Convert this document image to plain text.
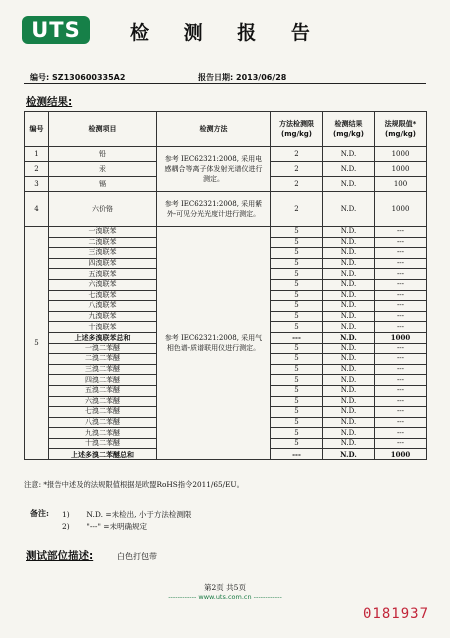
UTS	检 测 报 告
编号: SZ130600335A2	报告日期: 2013/06/28
检测结果:
编号	检测项目	检测方法	方法检测限 (mg/kg)	检测结果 (mg/kg)	法规限值* (mg/kg)
1	铅	参考 IEC62321:2008, 采用电感耦合等离子体发射光谱仪进行测定。	2	N.D.	1000
2	汞		2	N.D.	1000
3	镉		2	N.D.	100
4	六价铬	参考 IEC62321:2008, 采用紫外-可见分光光度计进行测定。	2	N.D.	1000
5	一溴联苯	参考 IEC62321:2008, 采用气相色谱-质谱联用仪进行测定。	5	N.D.	---
	二溴联苯		5	N.D.	---
	三溴联苯		5	N.D.	---
	四溴联苯		5	N.D.	---
	五溴联苯		5	N.D.	---
	六溴联苯		5	N.D.	---
	七溴联苯		5	N.D.	---
	八溴联苯		5	N.D.	---
	九溴联苯		5	N.D.	---
	十溴联苯		5	N.D.	---
	上述多溴联苯总和		---	N.D.	1000
	一溴二苯醚		5	N.D.	---
	二溴二苯醚		5	N.D.	---
	三溴二苯醚		5	N.D.	---
	四溴二苯醚		5	N.D.	---
	五溴二苯醚		5	N.D.	---
	六溴二苯醚		5	N.D.	---
	七溴二苯醚		5	N.D.	---
	八溴二苯醚		5	N.D.	---
	九溴二苯醚		5	N.D.	---
	十溴二苯醚		5	N.D.	---
	上述多溴二苯醚总和		---	N.D.	1000
注意: *报告中述及的法规限值根据是欧盟RoHS指令2011/65/EU。
备注: 1) N.D. =未检出, 小于方法检测限
2) "---" =未明确规定
测试部位描述:	白色打包带
第2页 共5页
------------ www.uts.com.cn ------------
0181937
